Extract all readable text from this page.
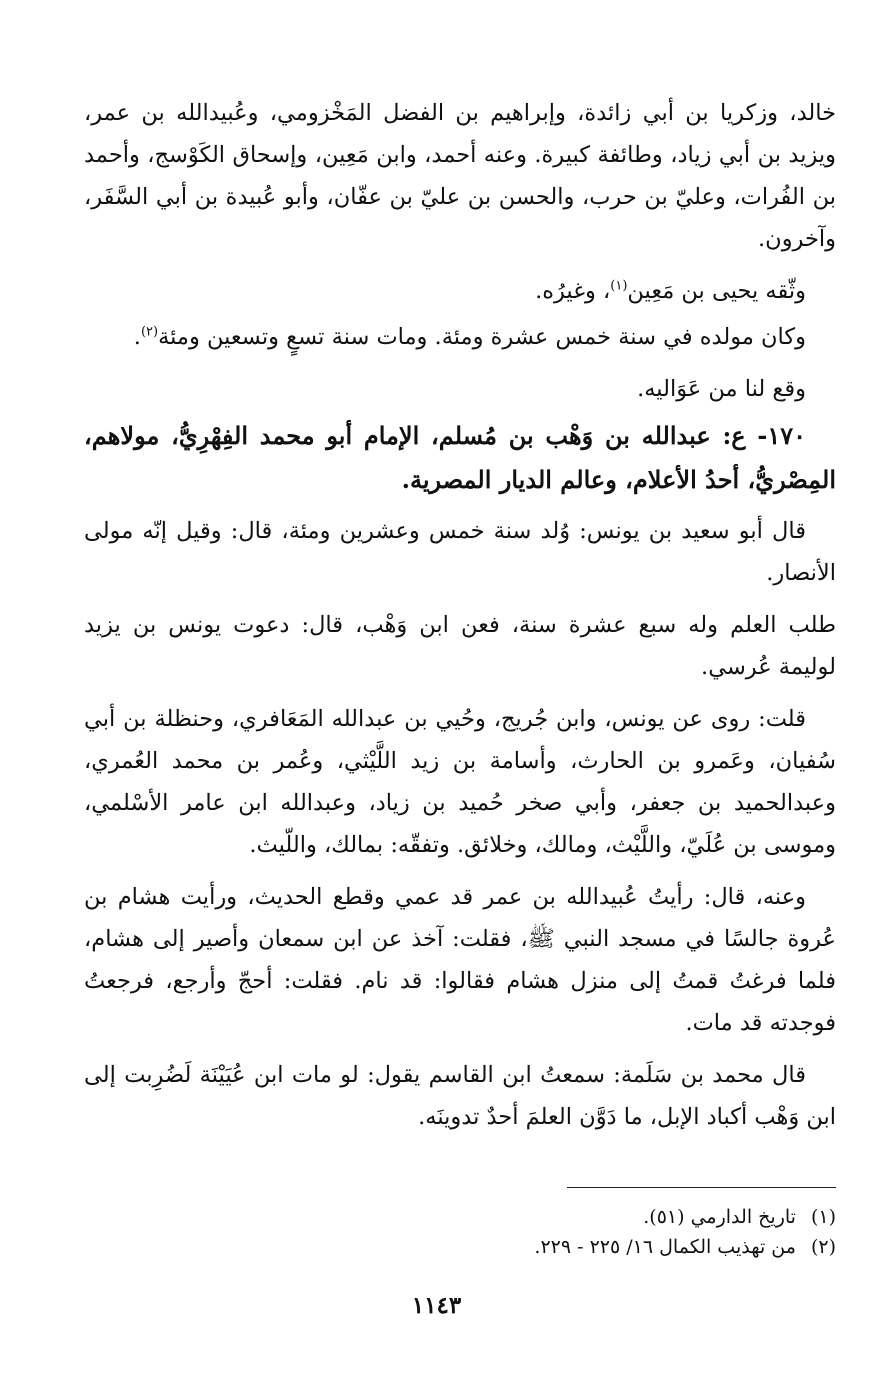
خالد، وزكريا بن أبي زائدة، وإبراهيم بن الفضل المَخْزومي، وعُبيدالله بن عمر، ويزيد بن أبي زياد، وطائفة كبيرة. وعنه أحمد، وابن مَعِين، وإسحاق الكَوْسج، وأحمد بن الفُرات، وعليّ بن حرب، والحسن بن عليّ بن عفّان، وأبو عُبيدة بن أبي السَّفَر، وآخرون.

وثّقه يحيى بن مَعِين$^{(١)}$، وغيرُه.

وكان مولده في سنة خمس عشرة ومئة. ومات سنة تسعٍ وتسعين ومئة$^{(٢)}$.

وقع لنا من عَوَاليه.

١٧٠- ع: عبدالله بن وَهْب بن مُسلم، الإمام أبو محمد الفِهْرِيُّ، مولاهم، المِصْريُّ، أحدُ الأعلام، وعالم الديار المصرية.

قال أبو سعيد بن يونس: وُلد سنة خمس وعشرين ومئة، قال: وقيل إنّه مولى الأنصار.

طلب العلم وله سبع عشرة سنة، فعن ابن وَهْب، قال: دعوت يونس بن يزيد لوليمة عُرسي.

قلت: روى عن يونس، وابن جُريج، وحُيي بن عبدالله المَعَافري، وحنظلة بن أبي سُفيان، وعَمرو بن الحارث، وأسامة بن زيد اللَّيْثي، وعُمر بن محمد العُمري، وعبدالحميد بن جعفر، وأبي صخر حُميد بن زياد، وعبدالله ابن عامر الأسْلمي، وموسى بن عُلَيّ، واللَّيْث، ومالك، وخلائق. وتفقّه: بمالك، واللّيث.

وعنه، قال: رأيتُ عُبيدالله بن عمر قد عمي وقطع الحديث، ورأيت هشام بن عُروة جالسًا في مسجد النبي ﷺ، فقلت: آخذ عن ابن سمعان وأصير إلى هشام، فلما فرغتُ قمتُ إلى منزل هشام فقالوا: قد نام. فقلت: أحجّ وأرجع، فرجعتُ فوجدته قد مات.

قال محمد بن سَلَمة: سمعتُ ابن القاسم يقول: لو مات ابن عُيَيْنَة لَضُرِبت إلى ابن وَهْب أكباد الإبل، ما دَوَّن العلمَ أحدٌ تدوينَه.

(١) تاريخ الدارمي (٥١).

(٢) من تهذيب الكمال ١٦/ ٢٢٥ - ٢٢٩.

١١٤٣
